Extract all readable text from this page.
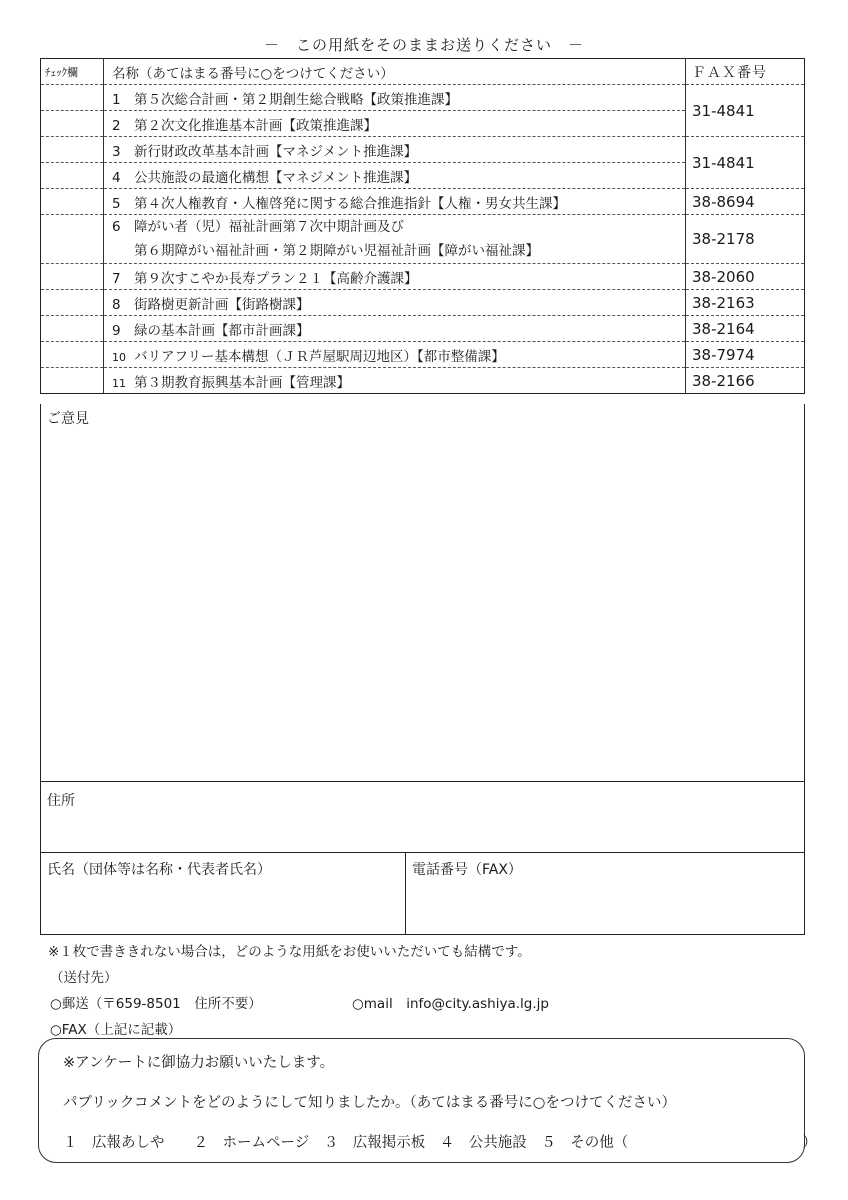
－　この用紙をそのままお送りください　－
ﾁｪｯｸ欄	名称（あてはまる番号に○をつけてください）	ＦＡＸ番号
	1 第５次総合計画・第２期創生総合戦略【政策推進課】	31-4841
	2 第２次文化推進基本計画【政策推進課】	
	3 新行財政改革基本計画【マネジメント推進課】	31-4841
	4 公共施設の最適化構想【マネジメント推進課】	
	5 第４次人権教育・人権啓発に関する総合推進指針【人権・男女共生課】	38-8694
	6 障がい者（児）福祉計画第７次中期計画及び
第６期障がい福祉計画・第２期障がい児福祉計画【障がい福祉課】	38-2178
	7 第９次すこやか長寿プラン２１【高齢介護課】	38-2060
	8 街路樹更新計画【街路樹課】	38-2163
	9 緑の基本計画【都市計画課】	38-2164
	10 バリアフリー基本構想（ＪＲ芦屋駅周辺地区）【都市整備課】	38-7974
	11 第３期教育振興基本計画【管理課】	38-2166
ご意見
住所
氏名（団体等は名称・代表者氏名）	電話番号（FAX）
※１枚で書ききれない場合は，どのような用紙をお使いいただいても結構です。
（送付先）
○郵送（〒659-8501　住所不要）	○mail　info@city.ashiya.lg.jp
○FAX（上記に記載）
※アンケートに御協力お願いいたします。
パブリックコメントをどのようにして知りましたか。（あてはまる番号に○をつけてください）
１　広報あしや　　２　ホームページ　３　広報掲示板　４　公共施設　５　その他（　　　　　　　　　　　　）
